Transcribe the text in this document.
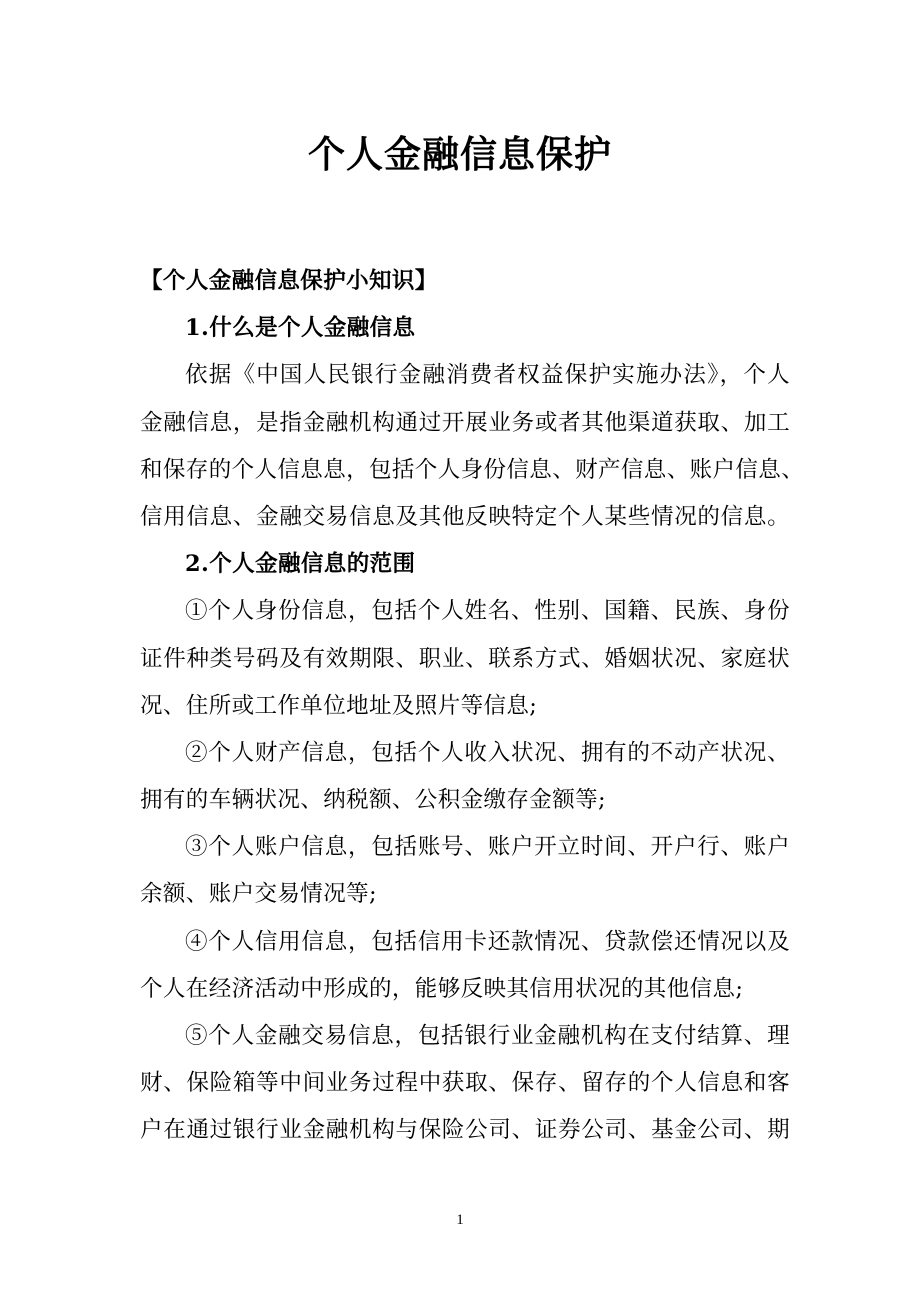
个人金融信息保护
【个人金融信息保护小知识】
1.什么是个人金融信息
依据《中国人民银行金融消费者权益保护实施办法》，个人
金融信息，是指金融机构通过开展业务或者其他渠道获取、加工
和保存的个人信息息，包括个人身份信息、财产信息、账户信息、
信用信息、金融交易信息及其他反映特定个人某些情况的信息。
2.个人金融信息的范围
①个人身份信息，包括个人姓名、性别、国籍、民族、身份
证件种类号码及有效期限、职业、联系方式、婚姻状况、家庭状
况、住所或工作单位地址及照片等信息;
②个人财产信息，包括个人收入状况、拥有的不动产状况、
拥有的车辆状况、纳税额、公积金缴存金额等;
③个人账户信息，包括账号、账户开立时间、开户行、账户
余额、账户交易情况等;
④个人信用信息，包括信用卡还款情况、贷款偿还情况以及
个人在经济活动中形成的，能够反映其信用状况的其他信息;
⑤个人金融交易信息，包括银行业金融机构在支付结算、理
财、保险箱等中间业务过程中获取、保存、留存的个人信息和客
户在通过银行业金融机构与保险公司、证券公司、基金公司、期
1
